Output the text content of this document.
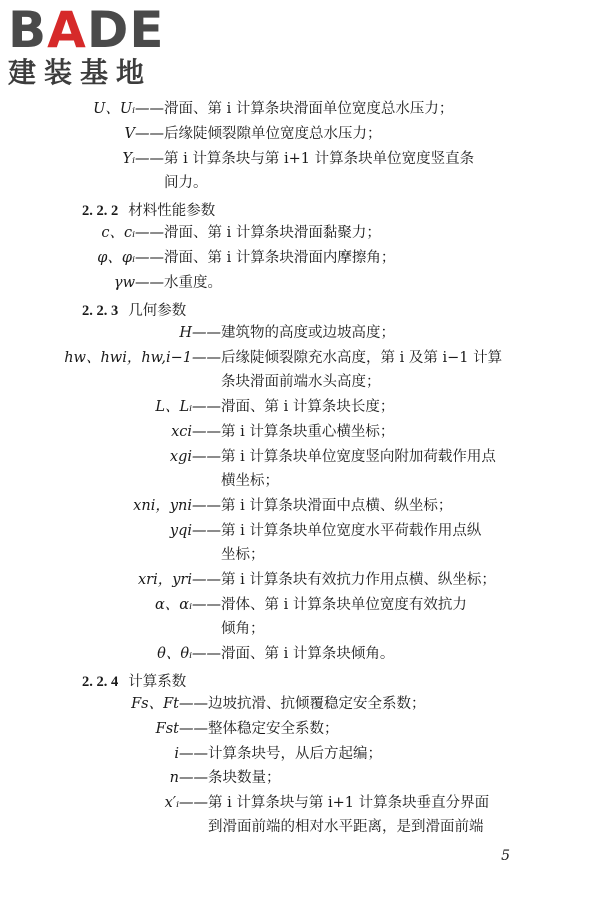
BADE
建装基地
U、Uᵢ—— 滑面、第 i 计算条块滑面单位宽度总水压力；
V—— 后缘陡倾裂隙单位宽度总水压力；
Yᵢ—— 第 i 计算条块与第 i+1 计算条块单位宽度竖直条
间力。
2. 2. 2 材料性能参数
c、cᵢ—— 滑面、第 i 计算条块滑面黏聚力；
φ、φᵢ—— 滑面、第 i 计算条块滑面内摩擦角；
γw—— 水重度。
2. 2. 3 几何参数
H—— 建筑物的高度或边坡高度；
hw、hwi，hw,i−1—— 后缘陡倾裂隙充水高度，第 i 及第 i−1 计算
条块滑面前端水头高度；
L、Lᵢ—— 滑面、第 i 计算条块长度；
xci—— 第 i 计算条块重心横坐标；
xgi—— 第 i 计算条块单位宽度竖向附加荷载作用点
横坐标；
xni，yni—— 第 i 计算条块滑面中点横、纵坐标；
yqi—— 第 i 计算条块单位宽度水平荷载作用点纵
坐标；
xri，yri—— 第 i 计算条块有效抗力作用点横、纵坐标；
α、αᵢ—— 滑体、第 i 计算条块单位宽度有效抗力
倾角；
θ、θᵢ—— 滑面、第 i 计算条块倾角。
2. 2. 4 计算系数
Fs、Ft—— 边坡抗滑、抗倾覆稳定安全系数；
Fst—— 整体稳定安全系数；
i—— 计算条块号，从后方起编；
n—— 条块数量；
x′ᵢ—— 第 i 计算条块与第 i+1 计算条块垂直分界面
到滑面前端的相对水平距离，是到滑面前端
5
